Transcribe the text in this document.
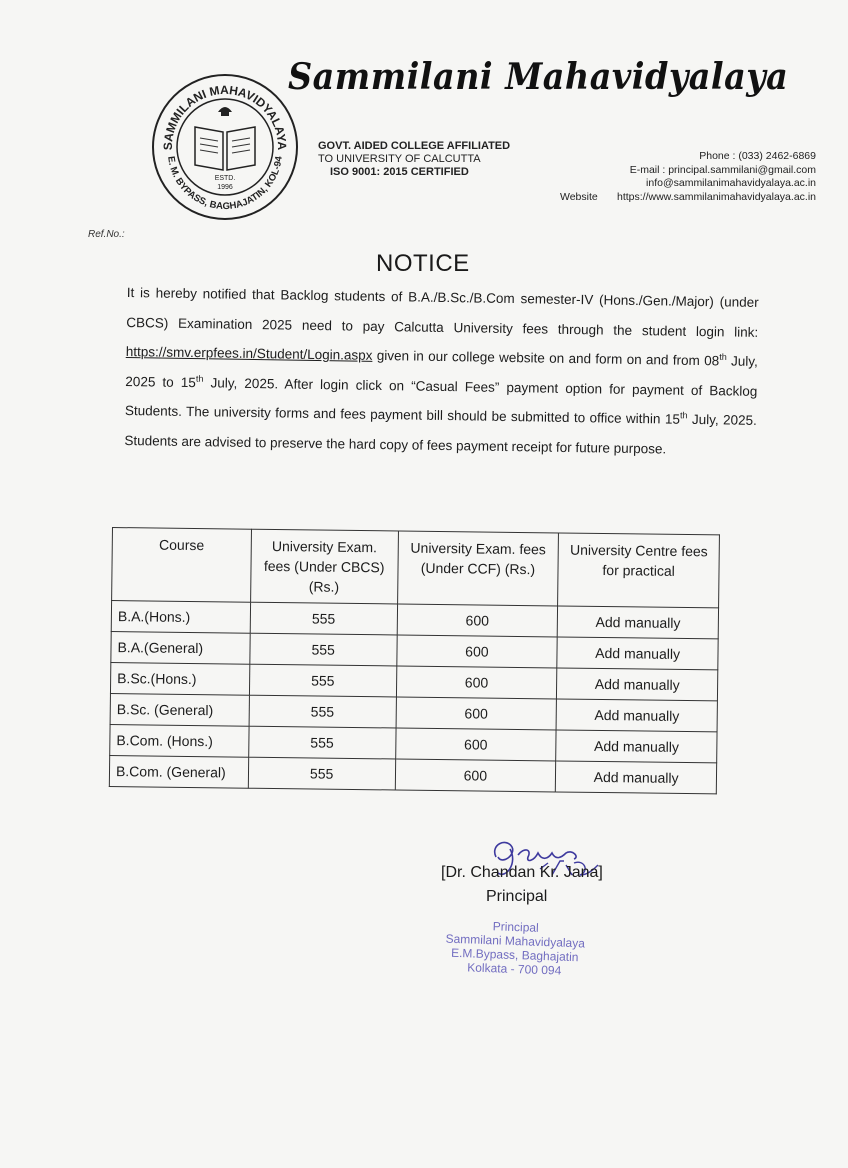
SAMMILANI MAHAVIDYALAYA
E. M. BYPASS, BAGHAJATIN, KOL-94
ESTD.
1996
Sammilani Mahavidyalaya
GOVT. AIDED COLLEGE AFFILIATED
TO UNIVERSITY OF CALCUTTA
ISO 9001: 2015 CERTIFIED
Phone : (033) 2462-6869
E-mail : principal.sammilani@gmail.com
info@sammilanimahavidyalaya.ac.in
Website https://www.sammilanimahavidyalaya.ac.in
Ref.No.:
NOTICE
It is hereby notified that Backlog students of B.A./B.Sc./B.Com semester-IV (Hons./Gen./Major) (under CBCS) Examination 2025 need to pay Calcutta University fees through the student login link: https://smv.erpfees.in/Student/Login.aspx given in our college website on and form on and from 08th July, 2025 to 15th July, 2025. After login click on “Casual Fees” payment option for payment of Backlog Students. The university forms and fees payment bill should be submitted to office within 15th July, 2025. Students are advised to preserve the hard copy of fees payment receipt for future purpose.
Course	University Exam. fees (Under CBCS) (Rs.)	University Exam. fees (Under CCF) (Rs.)	University Centre fees for practical
B.A.(Hons.)	555	600	Add manually
B.A.(General)	555	600	Add manually
B.Sc.(Hons.)	555	600	Add manually
B.Sc. (General)	555	600	Add manually
B.Com. (Hons.)	555	600	Add manually
B.Com. (General)	555	600	Add manually
[Dr. Chandan Kr. Jana]
Principal
Principal
Sammilani Mahavidyalaya
E.M.Bypass, Baghajatin
Kolkata - 700 094
